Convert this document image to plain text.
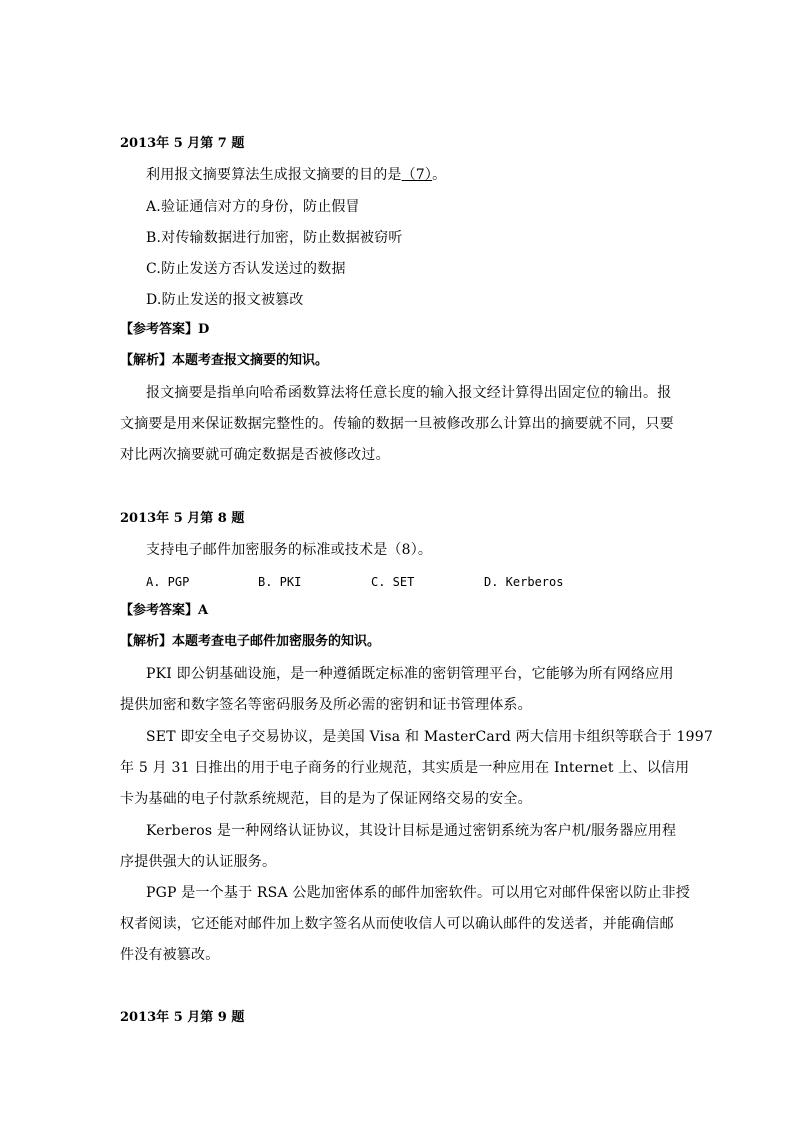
2013年 5 月第 7 题
利用报文摘要算法生成报文摘要的目的是（7）。
A.验证通信对方的身份，防止假冒
B.对传输数据进行加密，防止数据被窃听
C.防止发送方否认发送过的数据
D.防止发送的报文被篡改
【参考答案】D
【解析】本题考查报文摘要的知识。
报文摘要是指单向哈希函数算法将任意长度的输入报文经计算得出固定位的输出。报
文摘要是用来保证数据完整性的。传输的数据一旦被修改那么计算出的摘要就不同，只要
对比两次摘要就可确定数据是否被修改过。
2013年 5 月第 8 题
支持电子邮件加密服务的标准或技术是（8）。
A. PGP	B. PKI	C. SET	D. Kerberos
【参考答案】A
【解析】本题考查电子邮件加密服务的知识。
PKI 即公钥基础设施，是一种遵循既定标准的密钥管理平台，它能够为所有网络应用
提供加密和数字签名等密码服务及所必需的密钥和证书管理体系。
SET 即安全电子交易协议，是美国 Visa 和 MasterCard 两大信用卡组织等联合于 1997
年 5 月 31 日推出的用于电子商务的行业规范，其实质是一种应用在 Internet 上、以信用
卡为基础的电子付款系统规范，目的是为了保证网络交易的安全。
Kerberos 是一种网络认证协议，其设计目标是通过密钥系统为客户机/服务器应用程
序提供强大的认证服务。
PGP 是一个基于 RSA 公匙加密体系的邮件加密软件。可以用它对邮件保密以防止非授
权者阅读，它还能对邮件加上数字签名从而使收信人可以确认邮件的发送者，并能确信邮
件没有被篡改。
2013年 5 月第 9 题
